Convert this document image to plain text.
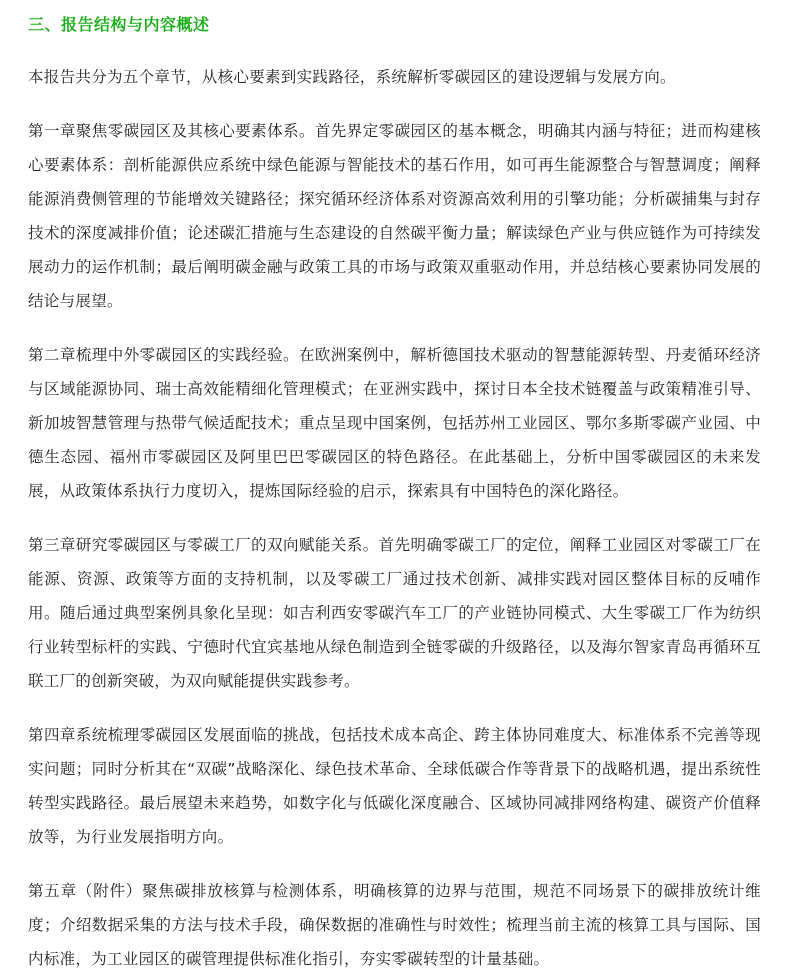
三、报告结构与内容概述

本报告共分为五个章节，从核心要素到实践路径，系统解析零碳园区的建设逻辑与发展方向。

第一章聚焦零碳园区及其核心要素体系。首先界定零碳园区的基本概念，明确其内涵与特征；进而构建核心要素体系：剖析能源供应系统中绿色能源与智能技术的基石作用，如可再生能源整合与智慧调度；阐释能源消费侧管理的节能增效关键路径；探究循环经济体系对资源高效利用的引擎功能；分析碳捕集与封存技术的深度减排价值；论述碳汇措施与生态建设的自然碳平衡力量；解读绿色产业与供应链作为可持续发展动力的运作机制；最后阐明碳金融与政策工具的市场与政策双重驱动作用，并总结核心要素协同发展的结论与展望。

第二章梳理中外零碳园区的实践经验。在欧洲案例中，解析德国技术驱动的智慧能源转型、丹麦循环经济与区域能源协同、瑞士高效能精细化管理模式；在亚洲实践中，探讨日本全技术链覆盖与政策精准引导、新加坡智慧管理与热带气候适配技术；重点呈现中国案例，包括苏州工业园区、鄂尔多斯零碳产业园、中德生态园、福州市零碳园区及阿里巴巴零碳园区的特色路径。在此基础上，分析中国零碳园区的未来发展，从政策体系执行力度切入，提炼国际经验的启示，探索具有中国特色的深化路径。

第三章研究零碳园区与零碳工厂的双向赋能关系。首先明确零碳工厂的定位，阐释工业园区对零碳工厂在能源、资源、政策等方面的支持机制，以及零碳工厂通过技术创新、减排实践对园区整体目标的反哺作用。随后通过典型案例具象化呈现：如吉利西安零碳汽车工厂的产业链协同模式、大生零碳工厂作为纺织行业转型标杆的实践、宁德时代宜宾基地从绿色制造到全链零碳的升级路径，以及海尔智家青岛再循环互联工厂的创新突破，为双向赋能提供实践参考。

第四章系统梳理零碳园区发展面临的挑战，包括技术成本高企、跨主体协同难度大、标准体系不完善等现实问题；同时分析其在“双碳”战略深化、绿色技术革命、全球低碳合作等背景下的战略机遇，提出系统性转型实践路径。最后展望未来趋势，如数字化与低碳化深度融合、区域协同减排网络构建、碳资产价值释放等，为行业发展指明方向。

第五章（附件）聚焦碳排放核算与检测体系，明确核算的边界与范围，规范不同场景下的碳排放统计维度；介绍数据采集的方法与技术手段，确保数据的准确性与时效性；梳理当前主流的核算工具与国际、国内标准，为工业园区的碳管理提供标准化指引，夯实零碳转型的计量基础。
